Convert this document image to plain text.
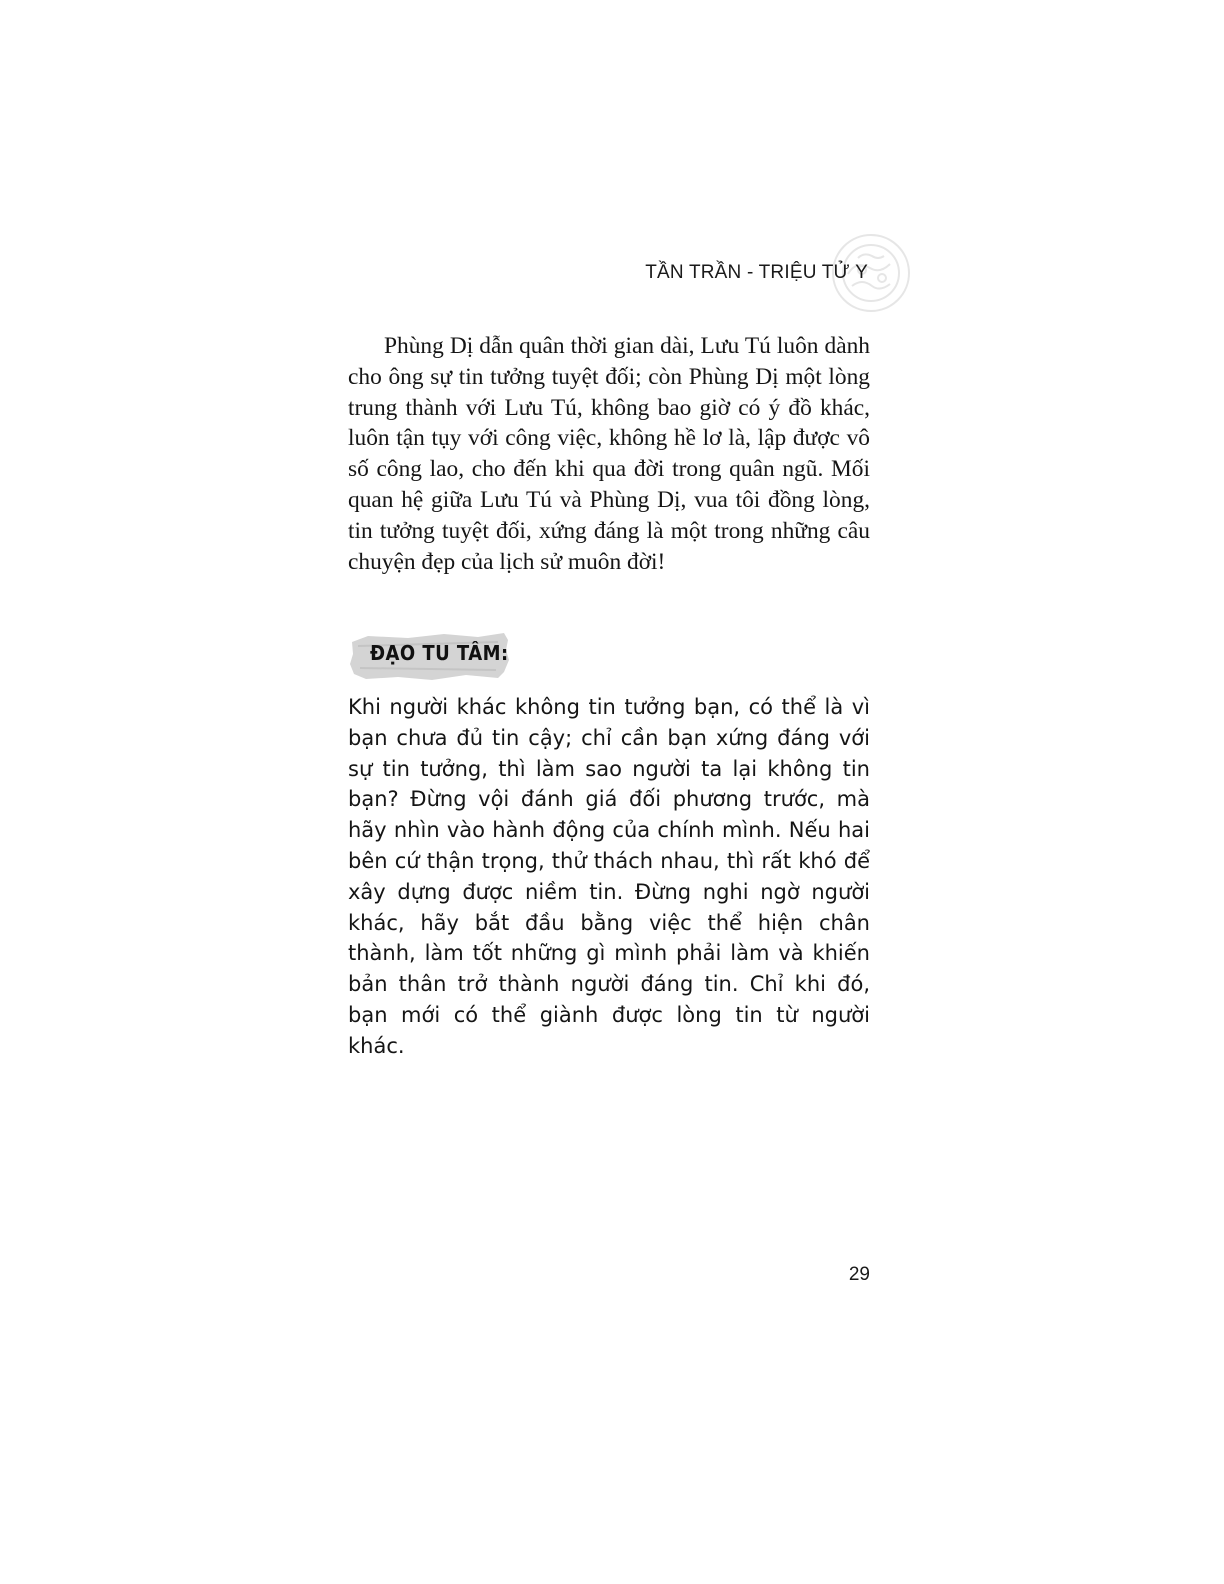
TẦN TRẦN - TRIỆU TỬ Y

Phùng Dị dẫn quân thời gian dài, Lưu Tú luôn dành cho ông sự tin tưởng tuyệt đối; còn Phùng Dị một lòng trung thành với Lưu Tú, không bao giờ có ý đồ khác, luôn tận tụy với công việc, không hề lơ là, lập được vô số công lao, cho đến khi qua đời trong quân ngũ. Mối quan hệ giữa Lưu Tú và Phùng Dị, vua tôi đồng lòng, tin tưởng tuyệt đối, xứng đáng là một trong những câu chuyện đẹp của lịch sử muôn đời!

ĐẠO TU TÂM:

Khi người khác không tin tưởng bạn, có thể là vì bạn chưa đủ tin cậy; chỉ cần bạn xứng đáng với sự tin tưởng, thì làm sao người ta lại không tin bạn? Đừng vội đánh giá đối phương trước, mà hãy nhìn vào hành động của chính mình. Nếu hai bên cứ thận trọng, thử thách nhau, thì rất khó để xây dựng được niềm tin. Đừng nghi ngờ người khác, hãy bắt đầu bằng việc thể hiện chân thành, làm tốt những gì mình phải làm và khiến bản thân trở thành người đáng tin. Chỉ khi đó, bạn mới có thể giành được lòng tin từ người khác.

29
